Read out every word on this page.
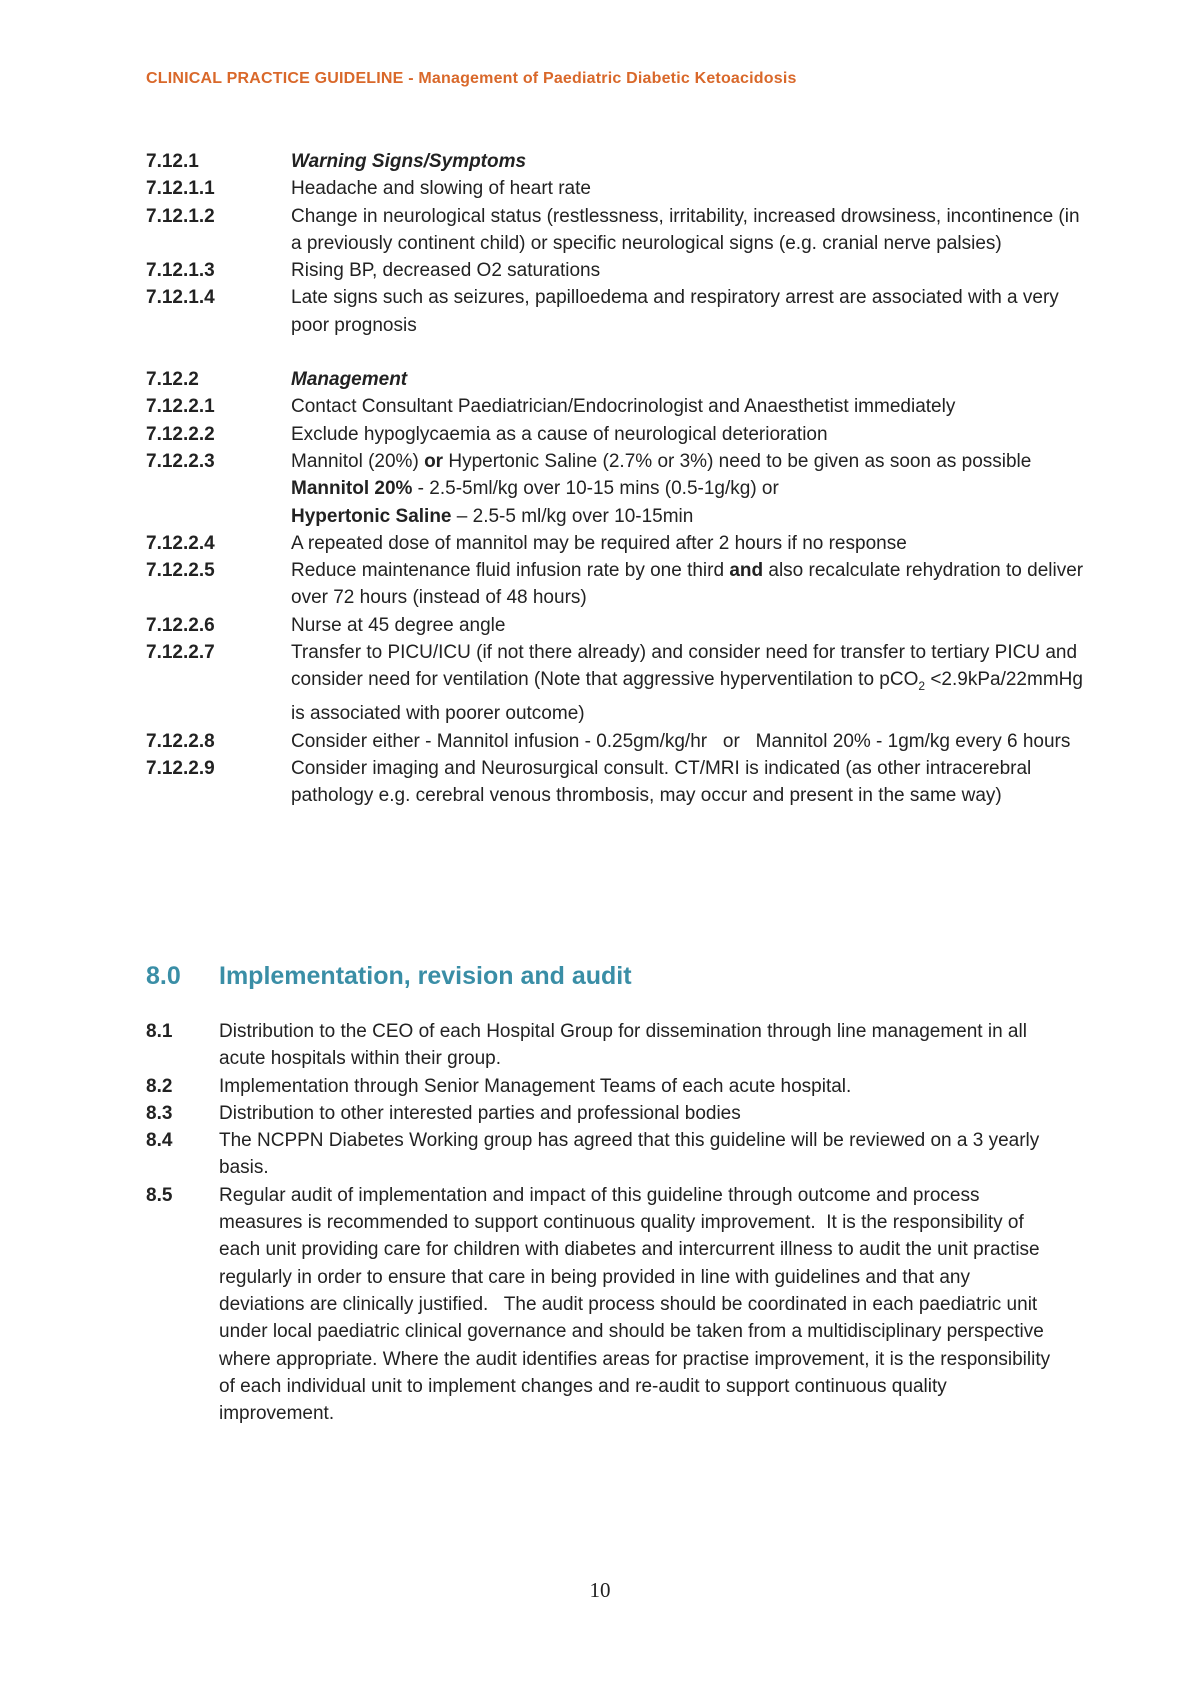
CLINICAL PRACTICE GUIDELINE - Management of Paediatric Diabetic Ketoacidosis
7.12.1	Warning Signs/Symptoms
7.12.1.1	Headache and slowing of heart rate
7.12.1.2	Change in neurological status (restlessness, irritability, increased drowsiness, incontinence (in a previously continent child) or specific neurological signs (e.g. cranial nerve palsies)
7.12.1.3	Rising BP, decreased O2 saturations
7.12.1.4	Late signs such as seizures, papilloedema and respiratory arrest are associated with a very poor prognosis
7.12.2	Management
7.12.2.1	Contact Consultant Paediatrician/Endocrinologist and Anaesthetist immediately
7.12.2.2	Exclude hypoglycaemia as a cause of neurological deterioration
7.12.2.3	Mannitol (20%) or Hypertonic Saline (2.7% or 3%) need to be given as soon as possible
Mannitol 20% - 2.5-5ml/kg over 10-15 mins (0.5-1g/kg) or
Hypertonic Saline – 2.5-5 ml/kg over 10-15min
7.12.2.4	A repeated dose of mannitol may be required after 2 hours if no response
7.12.2.5	Reduce maintenance fluid infusion rate by one third and also recalculate rehydration to deliver over 72 hours (instead of 48 hours)
7.12.2.6	Nurse at 45 degree angle
7.12.2.7	Transfer to PICU/ICU (if not there already) and consider need for transfer to tertiary PICU and consider need for ventilation (Note that aggressive hyperventilation to pCO$_2$ <2.9kPa/22mmHg is associated with poorer outcome)
7.12.2.8	Consider either - Mannitol infusion - 0.25gm/kg/hr   or   Mannitol 20% - 1gm/kg every 6 hours
7.12.2.9	Consider imaging and Neurosurgical consult. CT/MRI is indicated (as other intracerebral pathology e.g. cerebral venous thrombosis, may occur and present in the same way)
8.0	Implementation, revision and audit
8.1	Distribution to the CEO of each Hospital Group for dissemination through line management in all acute hospitals within their group.
8.2	Implementation through Senior Management Teams of each acute hospital.
8.3	Distribution to other interested parties and professional bodies
8.4	The NCPPN Diabetes Working group has agreed that this guideline will be reviewed on a 3 yearly basis.
8.5	Regular audit of implementation and impact of this guideline through outcome and process measures is recommended to support continuous quality improvement.  It is the responsibility of each unit providing care for children with diabetes and intercurrent illness to audit the unit practise regularly in order to ensure that care in being provided in line with guidelines and that any deviations are clinically justified.   The audit process should be coordinated in each paediatric unit under local paediatric clinical governance and should be taken from a multidisciplinary perspective where appropriate. Where the audit identifies areas for practise improvement, it is the responsibility of each individual unit to implement changes and re-audit to support continuous quality improvement.
10
